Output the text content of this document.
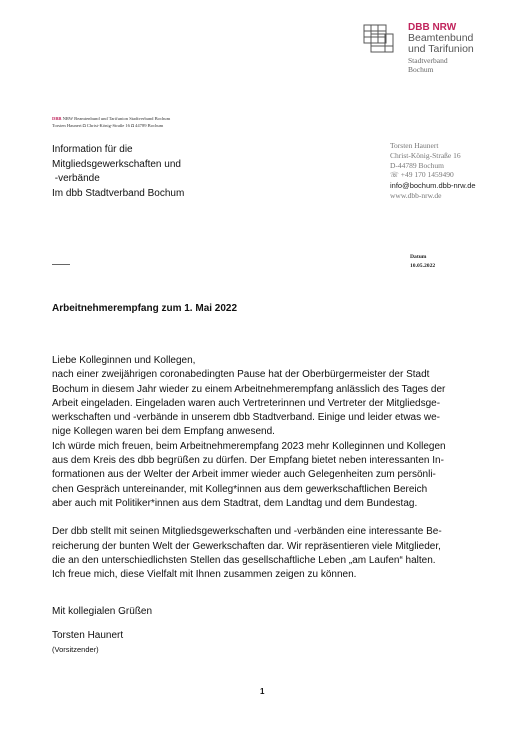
DBB NRW
Beamtenbund
und Tarifunion
Stadtverband
Bochum
DBB NRW Beamtenbund und Tarifunion Stadtverband Bochum
Torsten Haunert ◘ Christ-König-Straße 16 ◘ 44789 Bochum
Information für die
Mitgliedsgewerkschaften und
-verbände
Im dbb Stadtverband Bochum
Torsten Haunert
Christ-König-Straße 16
D-44789 Bochum
☏ +49 170 1459490
info@bochum.dbb-nrw.de
www.dbb-nrw.de
Datum
10.05.2022
Arbeitnehmerempfang zum 1. Mai 2022

Liebe Kolleginnen und Kollegen,

nach einer zweijährigen coronabedingten Pause hat der Oberbürgermeister der Stadt

Bochum in diesem Jahr wieder zu einem Arbeitnehmerempfang anlässlich des Tages der

Arbeit eingeladen. Eingeladen waren auch Vertreterinnen und Vertreter der Mitgliedsge-

werkschaften und -verbände in unserem dbb Stadtverband. Einige und leider etwas we-

nige Kollegen waren bei dem Empfang anwesend.

Ich würde mich freuen, beim Arbeitnehmerempfang 2023 mehr Kolleginnen und Kollegen

aus dem Kreis des dbb begrüßen zu dürfen. Der Empfang bietet neben interessanten In-

formationen aus der Welter der Arbeit immer wieder auch Gelegenheiten zum persönli-

chen Gespräch untereinander, mit Kolleg*innen aus dem gewerkschaftlichen Bereich

aber auch mit Politiker*innen aus dem Stadtrat, dem Landtag und dem Bundestag.

Der dbb stellt mit seinen Mitgliedsgewerkschaften und -verbänden eine interessante Be-

reicherung der bunten Welt der Gewerkschaften dar. Wir repräsentieren viele Mitglieder,

die an den unterschiedlichsten Stellen das gesellschaftliche Leben „am Laufen“ halten.

Ich freue mich, diese Vielfalt mit Ihnen zusammen zeigen zu können.

Mit kollegialen Grüßen
Torsten Haunert
(Vorsitzender)
1
